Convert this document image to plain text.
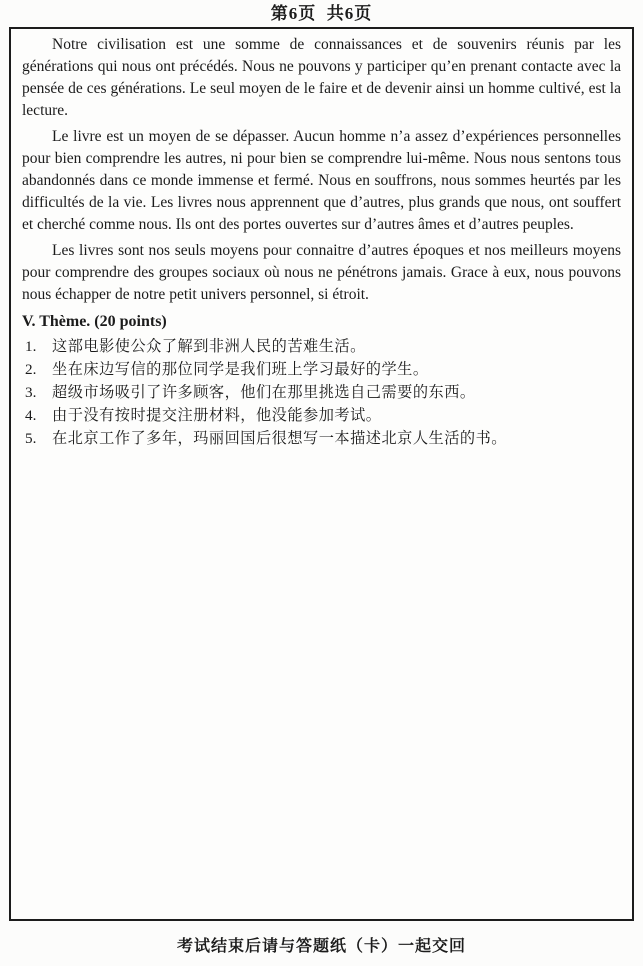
第6页  共6页

Notre civilisation est une somme de connaissances et de souvenirs réunis par les générations qui nous ont précédés. Nous ne pouvons y participer qu’en prenant contacte avec la pensée de ces générations. Le seul moyen de le faire et de devenir ainsi un homme cultivé, est la lecture.

Le livre est un moyen de se dépasser. Aucun homme n’a assez d’expériences personnelles pour bien comprendre les autres, ni pour bien se comprendre lui-même. Nous nous sentons tous abandonnés dans ce monde immense et fermé. Nous en souffrons, nous sommes heurtés par les difficultés de la vie. Les livres nous apprennent que d’autres, plus grands que nous, ont souffert et cherché comme nous. Ils ont des portes ouvertes sur d’autres âmes et d’autres peuples.

Les livres sont nos seuls moyens pour connaitre d’autres époques et nos meilleurs moyens pour comprendre des groupes sociaux où nous ne pénétrons jamais. Grace à eux, nous pouvons nous échapper de notre petit univers personnel, si étroit.

V. Thème. (20 points)
1.	这部电影使公众了解到非洲人民的苦难生活。
2.	坐在床边写信的那位同学是我们班上学习最好的学生。
3.	超级市场吸引了许多顾客，他们在那里挑选自己需要的东西。
4.	由于没有按时提交注册材料，他没能参加考试。
5.	在北京工作了多年，玛丽回国后很想写一本描述北京人生活的书。
考试结束后请与答题纸（卡）一起交回
